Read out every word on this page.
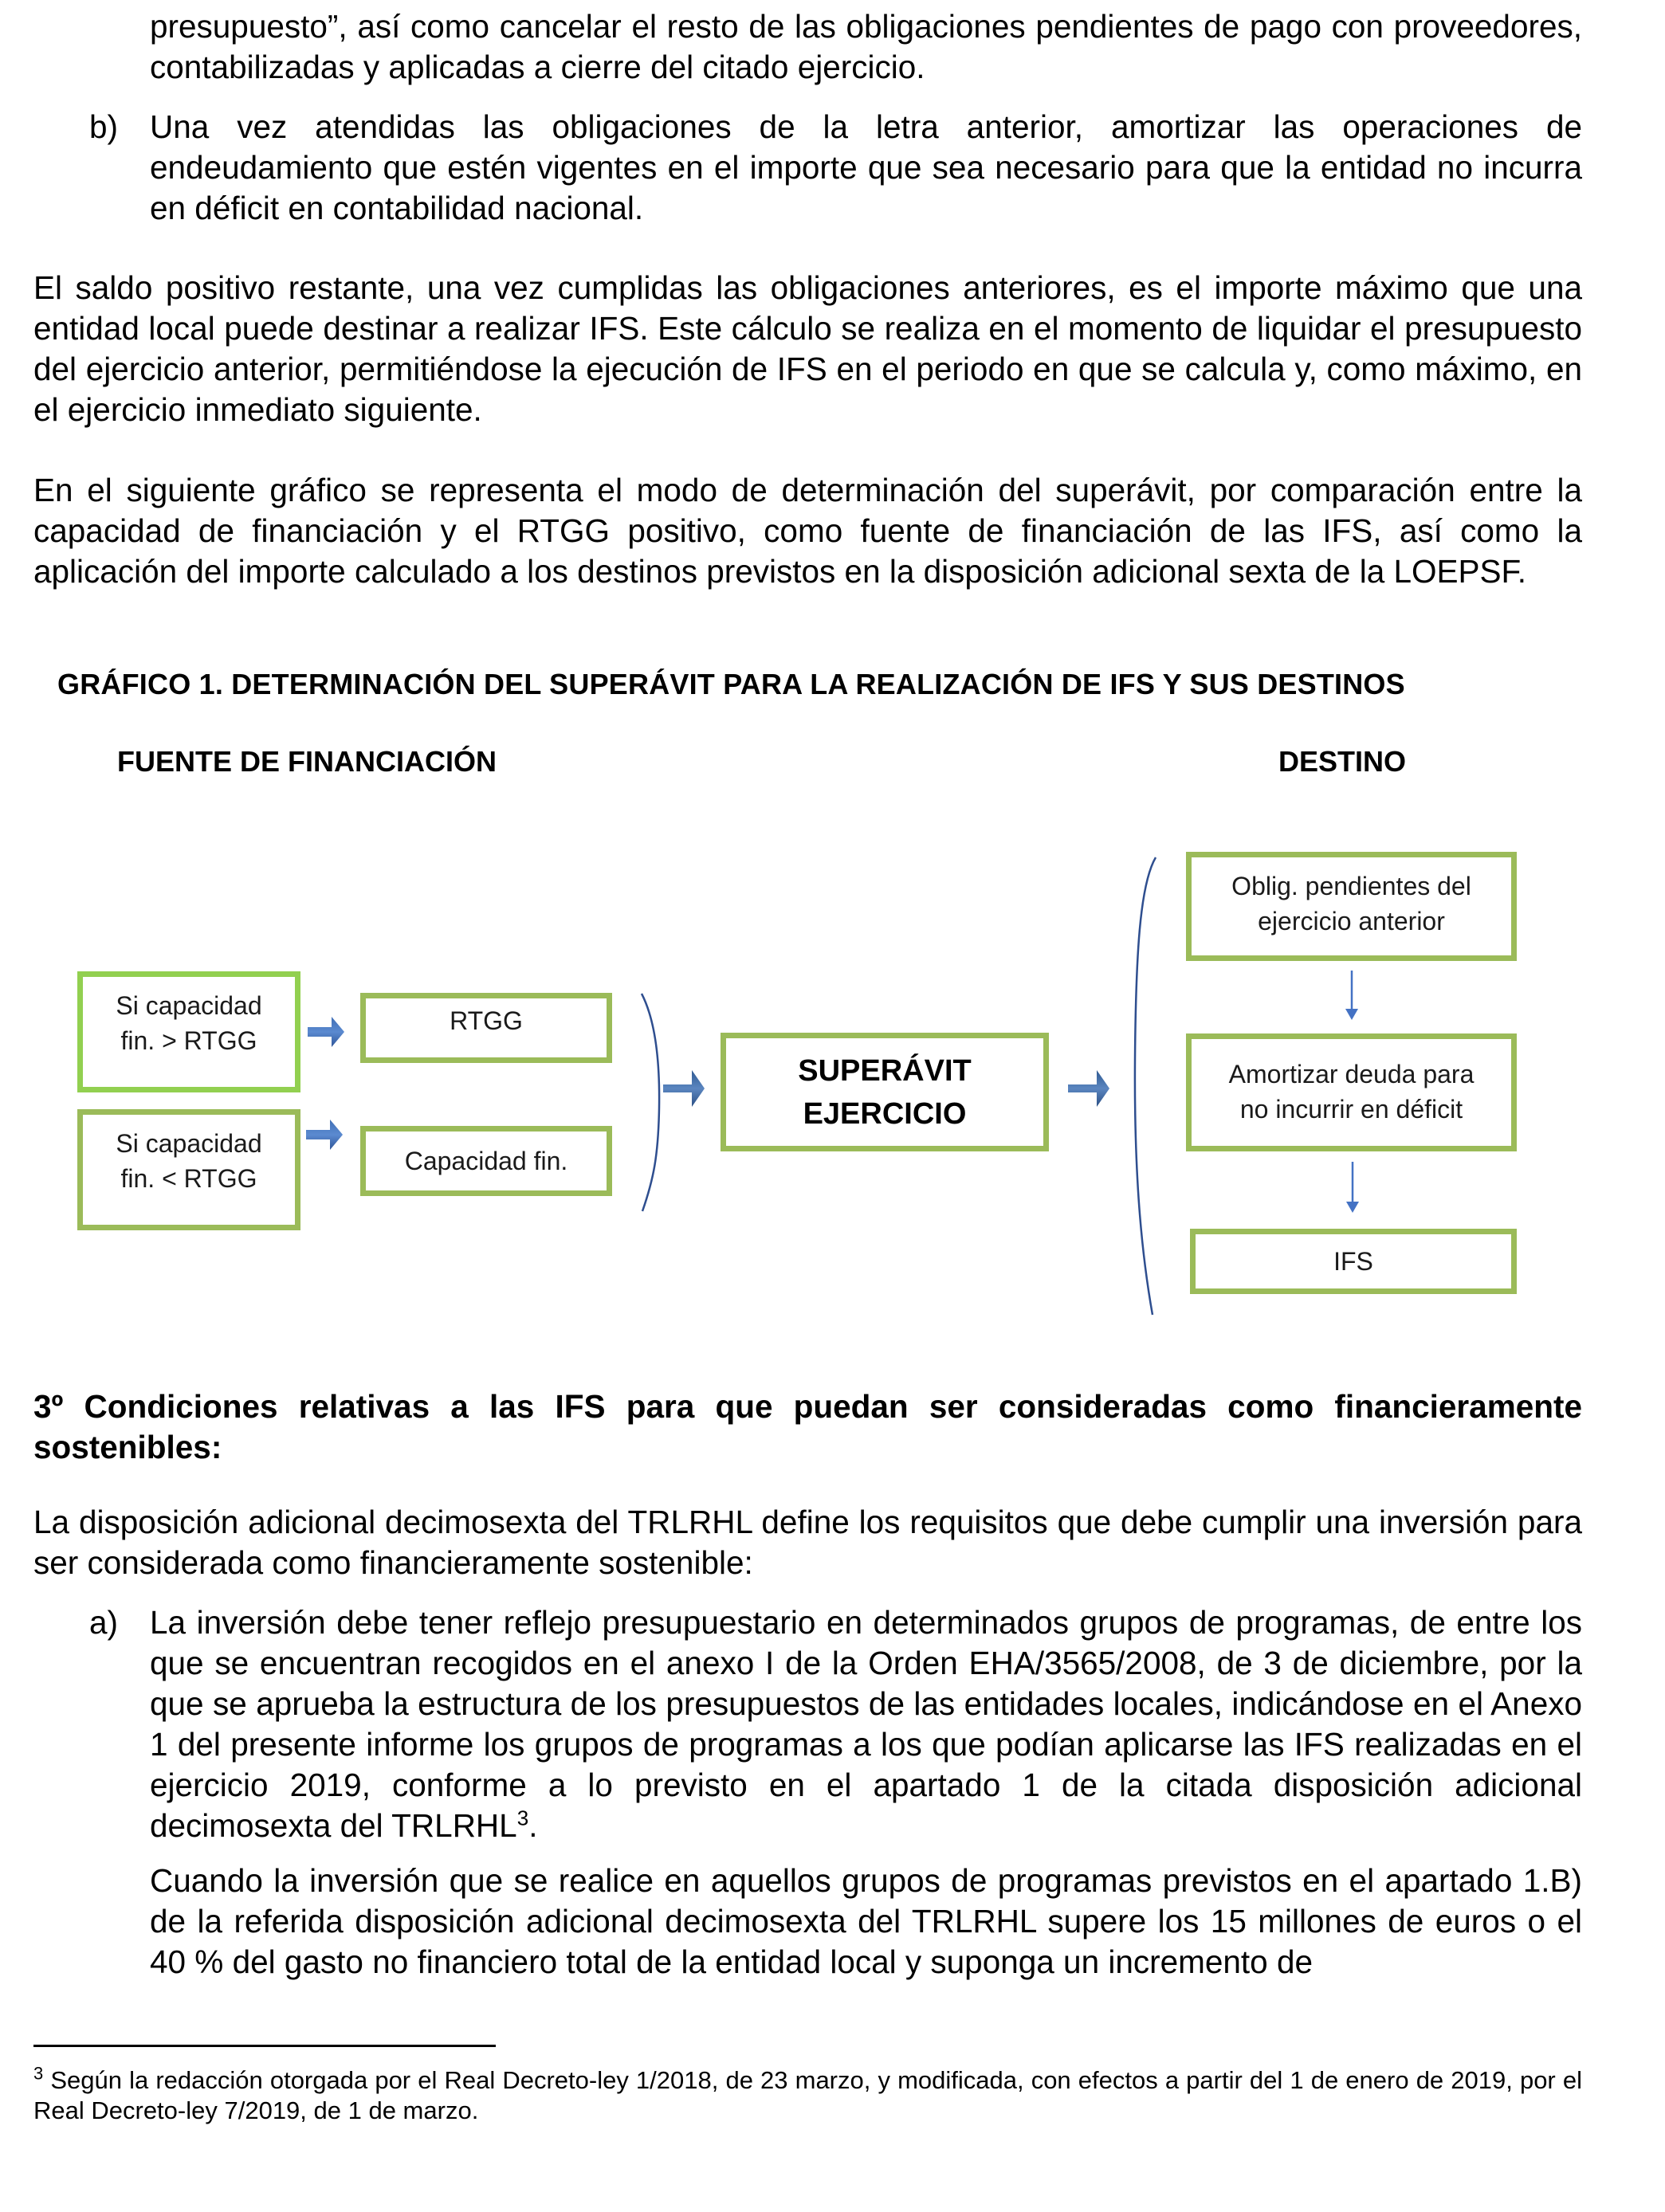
presupuesto”, así como cancelar el resto de las obligaciones pendientes de pago con proveedores, contabilizadas y aplicadas a cierre del citado ejercicio.

b) Una vez atendidas las obligaciones de la letra anterior, amortizar las operaciones de endeudamiento que estén vigentes en el importe que sea necesario para que la entidad no incurra en déficit en contabilidad nacional.

El saldo positivo restante, una vez cumplidas las obligaciones anteriores, es el importe máximo que una entidad local puede destinar a realizar IFS. Este cálculo se realiza en el momento de liquidar el presupuesto del ejercicio anterior, permitiéndose la ejecución de IFS en el periodo en que se calcula y, como máximo, en el ejercicio inmediato siguiente.

En el siguiente gráfico se representa el modo de determinación del superávit, por comparación entre la capacidad de financiación y el RTGG positivo, como fuente de financiación de las IFS, así como la aplicación del importe calculado a los destinos previstos en la disposición adicional sexta de la LOEPSF.

GRÁFICO 1. DETERMINACIÓN DEL SUPERÁVIT PARA LA REALIZACIÓN DE IFS Y SUS DESTINOS
FUENTE DE FINANCIACIÓN	DESTINO
Si capacidad
fin. > RTGG
Si capacidad
fin. < RTGG
RTGG
Capacidad fin.
SUPERÁVIT
EJERCICIO
Oblig. pendientes del
ejercicio anterior
Amortizar deuda para
no incurrir en déficit
IFS

3º Condiciones relativas a las IFS para que puedan ser consideradas como financieramente sostenibles:

La disposición adicional decimosexta del TRLRHL define los requisitos que debe cumplir una inversión para ser considerada como financieramente sostenible:

a) La inversión debe tener reflejo presupuestario en determinados grupos de programas, de entre los que se encuentran recogidos en el anexo I de la Orden EHA/3565/2008, de 3 de diciembre, por la que se aprueba la estructura de los presupuestos de las entidades locales, indicándose en el Anexo 1 del presente informe los grupos de programas a los que podían aplicarse las IFS realizadas en el ejercicio 2019, conforme a lo previsto en el apartado 1 de la citada disposición adicional decimosexta del TRLRHL$^3$.

Cuando la inversión que se realice en aquellos grupos de programas previstos en el apartado 1.B) de la referida disposición adicional decimosexta del TRLRHL supere los 15 millones de euros o el 40 % del gasto no financiero total de la entidad local y suponga un incremento de

$^3$ Según la redacción otorgada por el Real Decreto-ley 1/2018, de 23 marzo, y modificada, con efectos a partir del 1 de enero de 2019, por el Real Decreto-ley 7/2019, de 1 de marzo.
